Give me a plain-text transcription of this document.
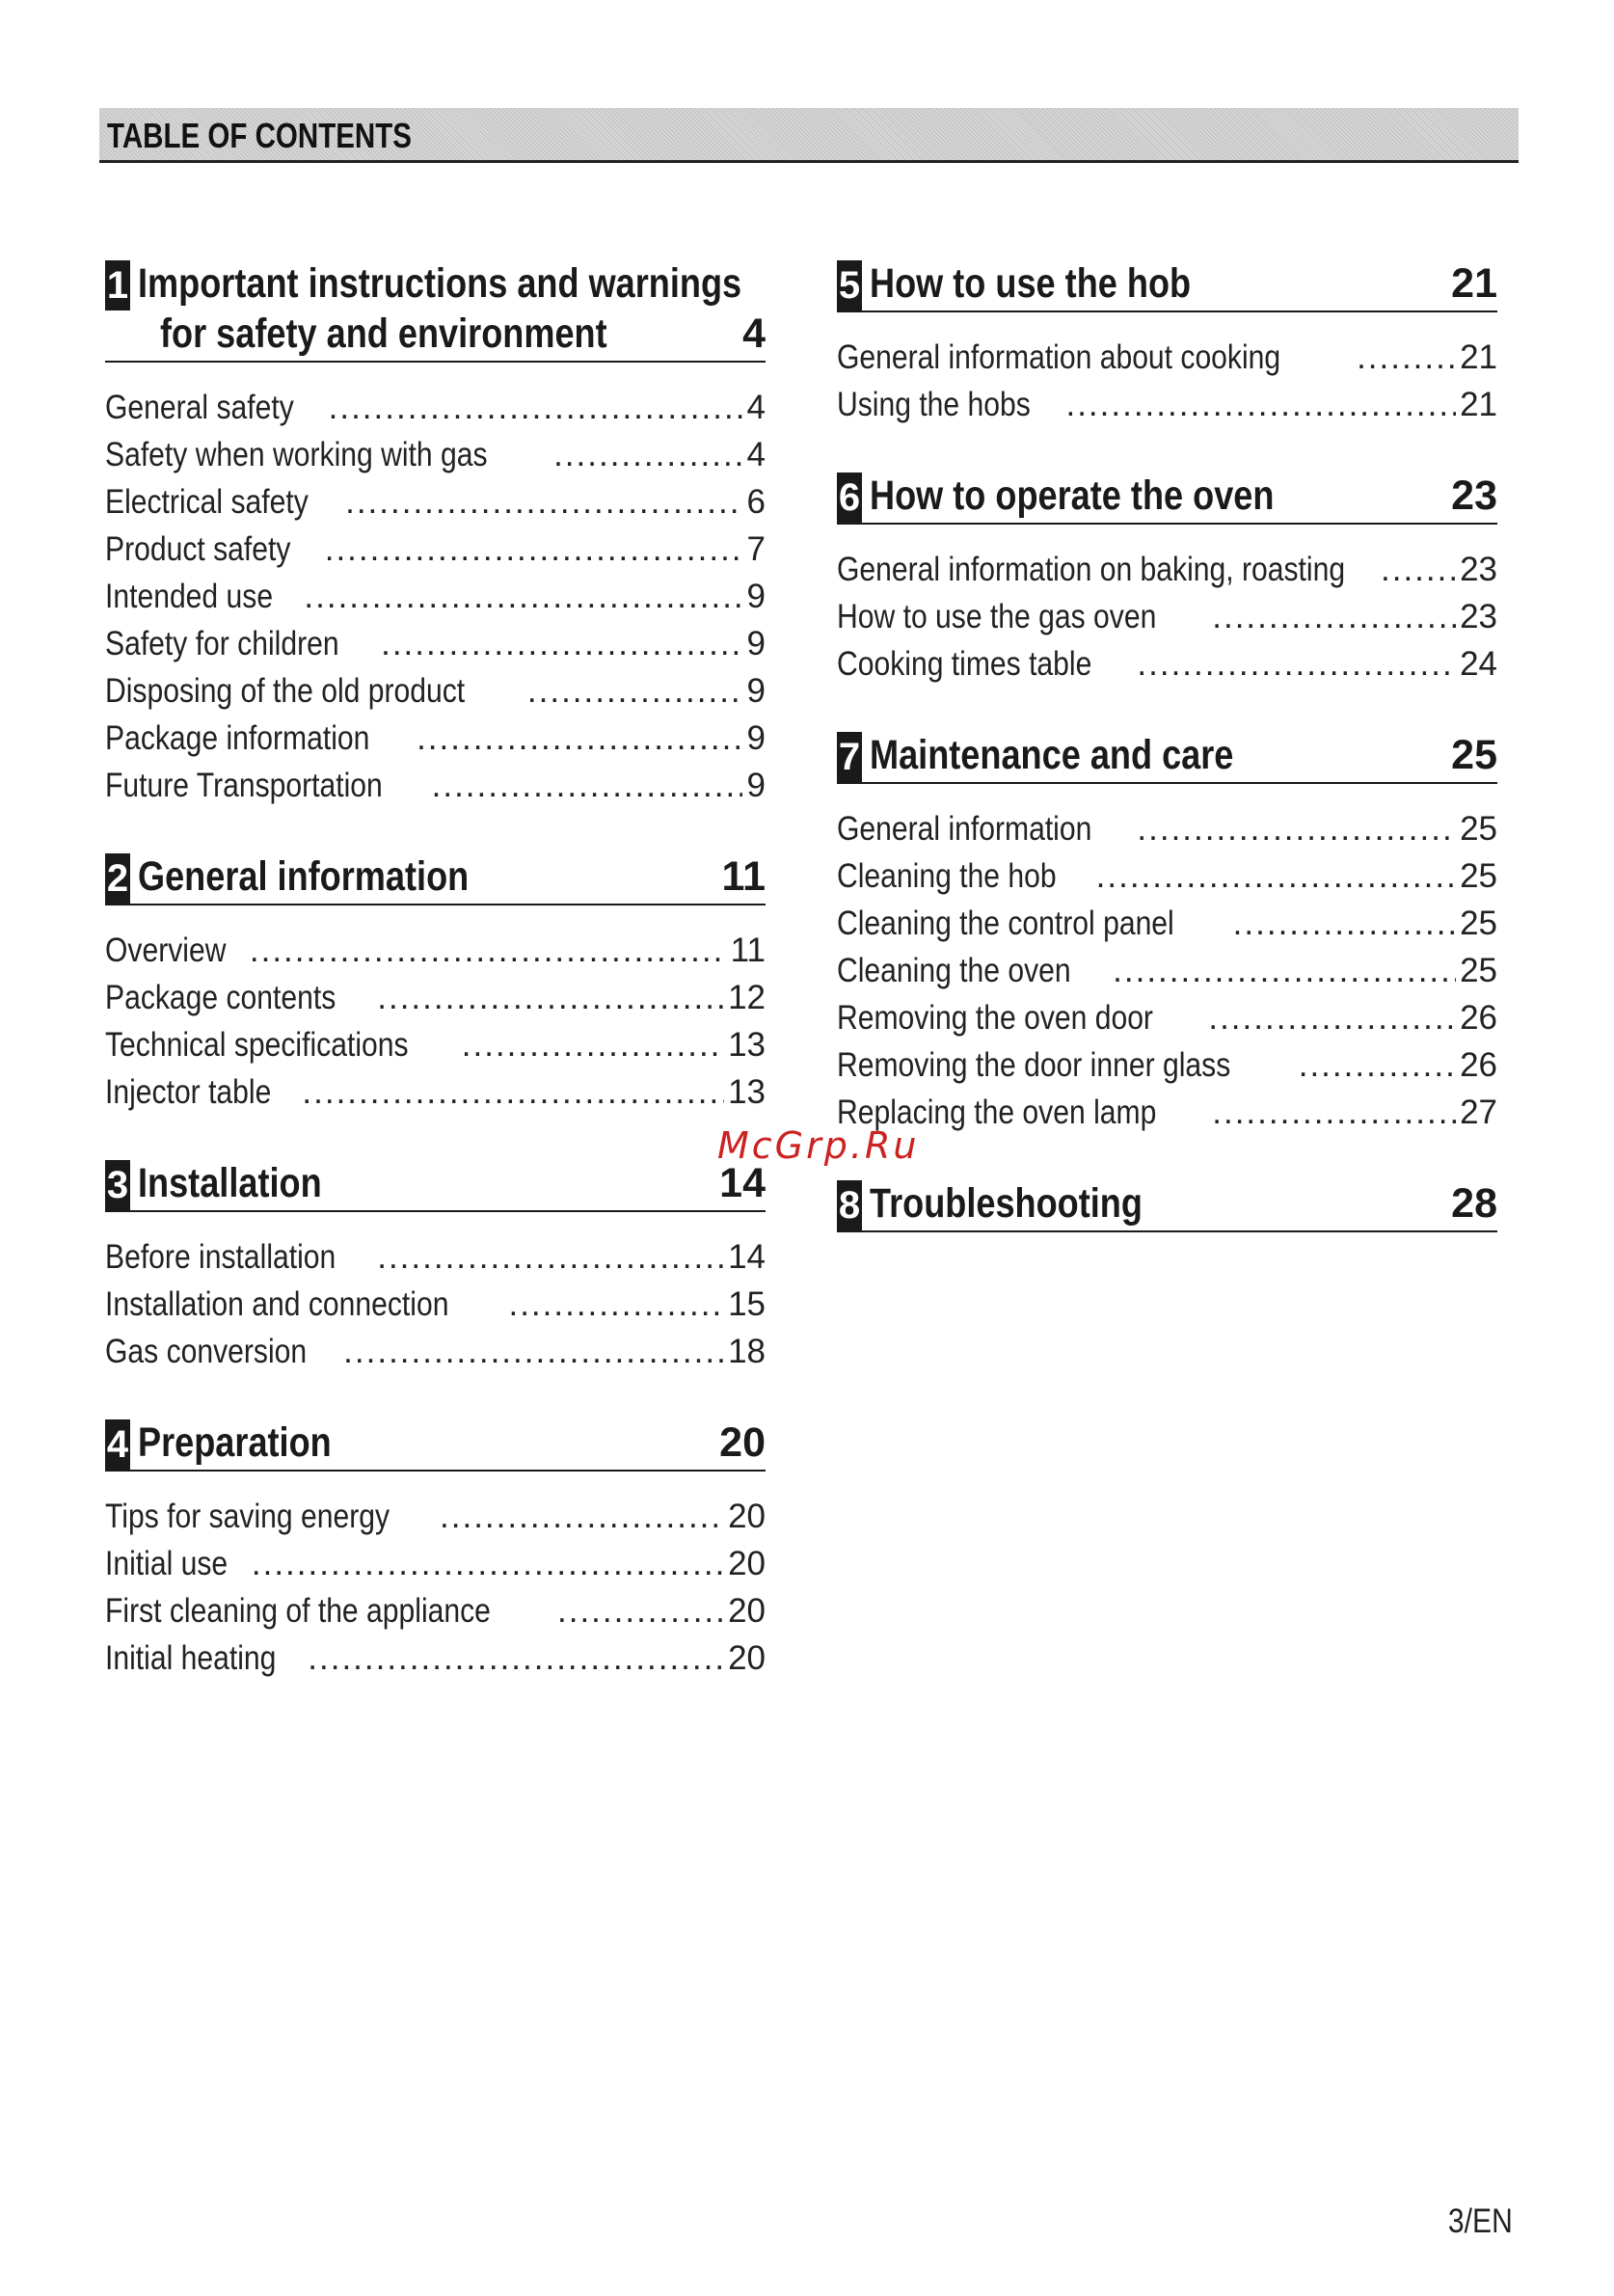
TABLE OF CONTENTS
1 Important instructions and warnings
for safety and environment	4
General safety .....	4
Safety when working with gas .....	4
Electrical safety .....	6
Product safety .....	7
Intended use .....	9
Safety for children .....	9
Disposing of the old product .....	9
Package information .....	9
Future Transportation .....	9
2 General information	11
Overview .....	11
Package contents .....	12
Technical specifications .....	13
Injector table .....	13
3 Installation	14
Before installation .....	14
Installation and connection .....	15
Gas conversion .....	18
4 Preparation	20
Tips for saving energy .....	20
Initial use .....	20
First cleaning of the appliance .....	20
Initial heating .....	20
5 How to use the hob	21
General information about cooking .....	21
Using the hobs .....	21
6 How to operate the oven	23
General information on baking, roasting .....	23
How to use the gas oven .....	23
Cooking times table .....	24
7 Maintenance and care	25
General information .....	25
Cleaning the hob .....	25
Cleaning the control panel .....	25
Cleaning the oven .....	25
Removing the oven door .....	26
Removing the door inner glass .....	26
Replacing the oven lamp .....	27
8 Troubleshooting	28
McGrp.Ru
3/EN
